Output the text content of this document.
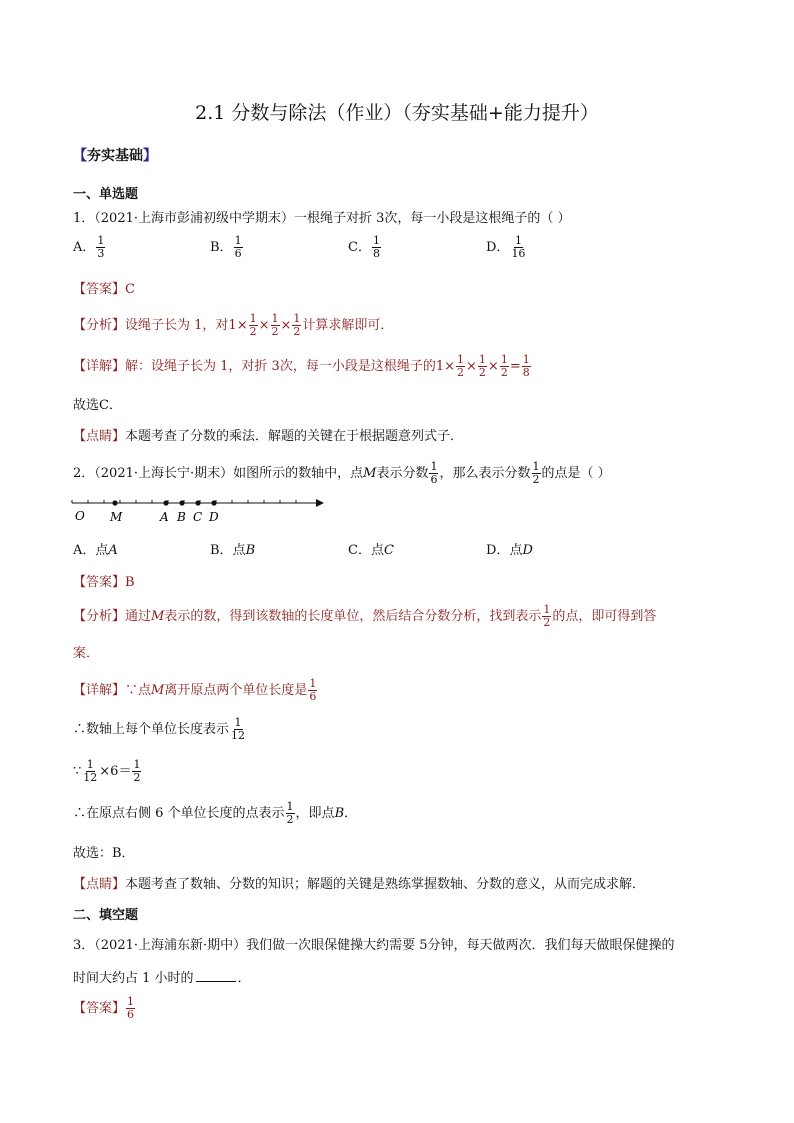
2.1 分数与除法（作业）（夯实基础+能力提升）
【夯实基础】
一、单选题
1．（2021·上海市彭浦初级中学期末）一根绳子对折 3次，每一小段是这根绳子的（ ）
A． $\frac{1}{3}$	B． $\frac{1}{6}$	C． $\frac{1}{8}$	D． $\frac{1}{16}$
【答案】C
【分析】设绳子长为 1，对$1\times \frac{1}{2} \times \frac{1}{2} \times \frac{1}{2}$ 计算求解即可．
【详解】解：设绳子长为 1，对折 3次，每一小段是这根绳子的$1\times \frac{1}{2} \times \frac{1}{2} \times \frac{1}{2} = \frac{1}{8}$
故选C．
【点睛】本题考查了分数的乘法．解题的关键在于根据题意列式子．
2．（2021·上海长宁·期末）如图所示的数轴中，点M表示分数 $\frac{1}{6}$ ，那么表示分数 $\frac{1}{2}$ 的点是（ ）
O M	A B C D
A．点A	B．点B	C．点C	D．点D
【答案】B
【分析】通过M表示的数，得到该数轴的长度单位，然后结合分数分析，找到表示 $\frac{1}{2}$ 的点，即可得到答
案．
【详解】∵点M离开原点两个单位长度是 $\frac{1}{6}$
∴数轴上每个单位长度表示 $\frac{1}{12}$
∵ $\frac{1}{12} \times 6= \frac{1}{2}$
∴在原点右侧 6 个单位长度的点表示 $\frac{1}{2}$ ，即点B．
故选：B．
【点睛】本题考查了数轴、分数的知识；解题的关键是熟练掌握数轴、分数的意义，从而完成求解．
二、填空题
3．（2021·上海浦东新·期中）我们做一次眼保健操大约需要 5分钟，每天做两次．我们每天做眼保健操的
时间大约占 1 小时的	．
【答案】 $\frac{1}{6}$
